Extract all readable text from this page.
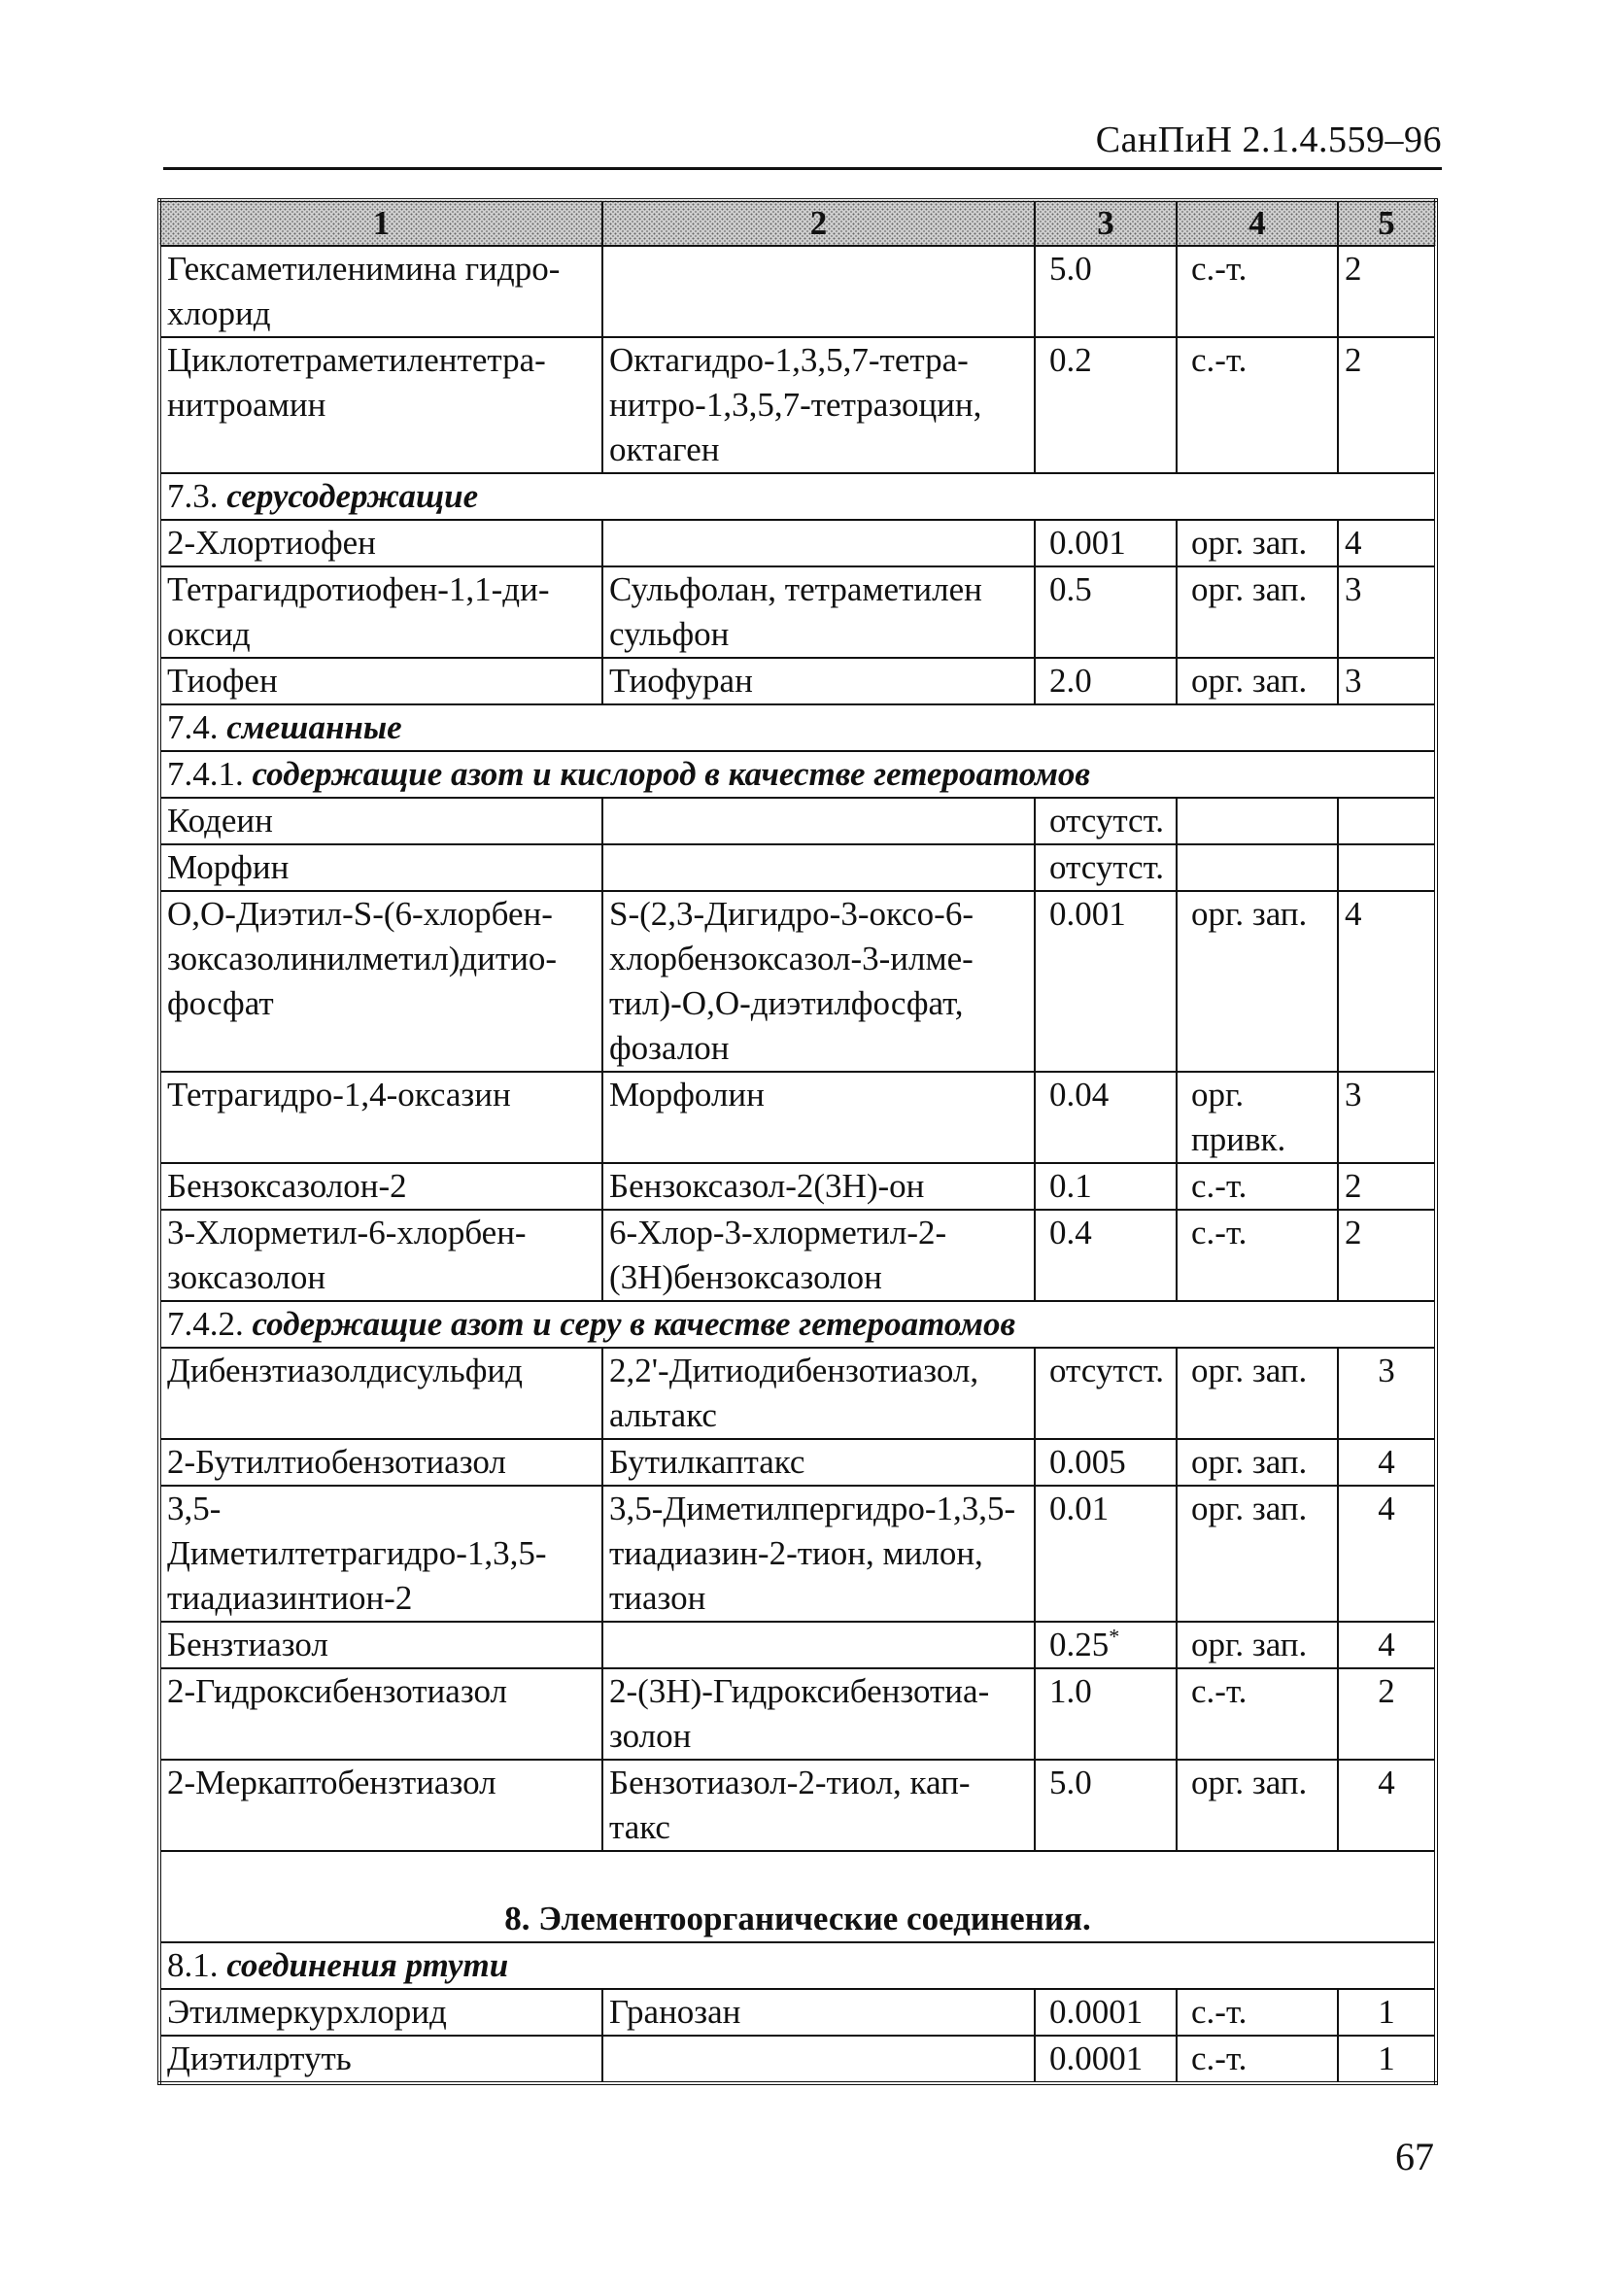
СанПиН 2.1.4.559–96
1	2	3	4	5
Гексаметиленимина гидро-хлорид		5.0	с.-т.	2
Циклотетраметилентетра-нитроамин	Октагидро-1,3,5,7-тетра-нитро-1,3,5,7-тетразоцин, октаген	0.2	с.-т.	2
7.3. серусодержащие				
2-Хлортиофен		0.001	орг. зап.	4
Тетрагидротиофен-1,1-ди-оксид	Сульфолан, тетраметилен сульфон	0.5	орг. зап.	3
Тиофен	Тиофуран	2.0	орг. зап.	3
7.4. смешанные				
7.4.1. содержащие азот и кислород в качестве гетероатомов				
Кодеин		отсутст.		
Морфин		отсутст.		
О,О-Диэтил-S-(6-хлорбен-зоксазолинилметил)дитио-фосфат	S-(2,3-Дигидро-3-оксо-6-хлорбензоксазол-3-илме-тил)-О,О-диэтилфосфат, фозалон	0.001	орг. зап.	4
Тетрагидро-1,4-оксазин	Морфолин	0.04	орг. привк.	3
Бензоксазолон-2	Бензоксазол-2(3H)-он	0.1	с.-т.	2
3-Хлорметил-6-хлорбен-зоксазолон	6-Хлор-3-хлорметил-2-(3H)бензоксазолон	0.4	с.-т.	2
7.4.2. содержащие азот и серу в качестве гетероатомов				
Дибензтиазолдисульфид	2,2'-Дитиодибензотиазол, альтакс	отсутст.	орг. зап.	3
2-Бутилтиобензотиазол	Бутилкаптакс	0.005	орг. зап.	4
3,5-Диметилтетрагидро-1,3,5-тиадиазинтион-2	3,5-Диметилпергидро-1,3,5-тиадиазин-2-тион, милон, тиазон	0.01	орг. зап.	4
Бензтиазол		0.25*	орг. зап.	4
2-Гидроксибензотиазол	2-(3H)-Гидроксибензотиа-золон	1.0	с.-т.	2
2-Меркаптобензтиазол	Бензотиазол-2-тиол, кап-такс	5.0	орг. зап.	4
8. Элементоорганические соединения.				
8.1. соединения ртути				
Этилмеркурхлорид	Гранозан	0.0001	с.-т.	1
Диэтилртуть		0.0001	с.-т.	1
67
